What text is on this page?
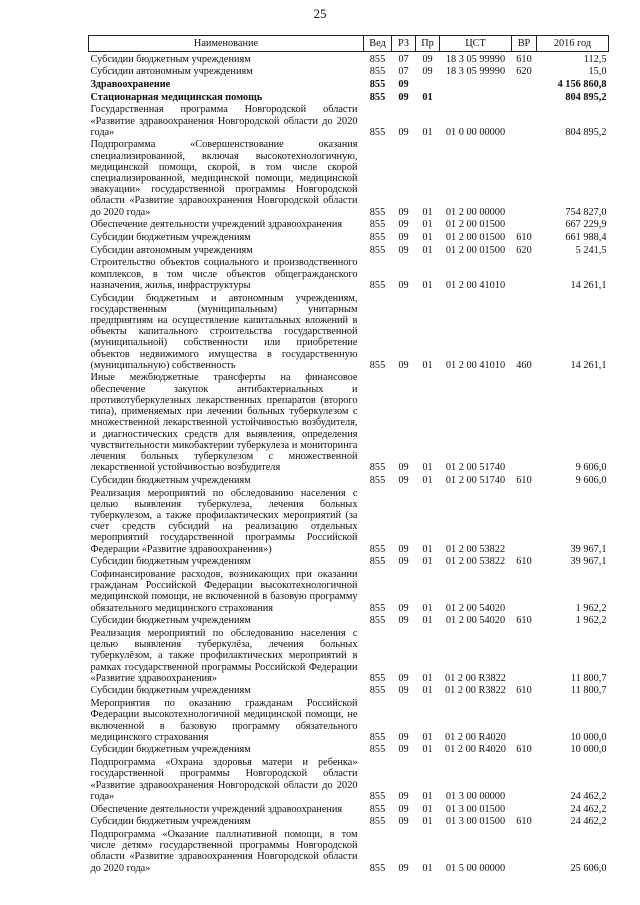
25
Наименование	Вед	РЗ	Пр	ЦСТ	ВР	2016 год
Субсидии бюджетным учреждениям	855	07	09	18 3 05 99990	610	112,5
Субсидии автономным учреждениям	855	07	09	18 3 05 99990	620	15,0
Здравоохранение	855	09				4 156 860,8
Стационарная медицинская помощь	855	09	01			804 895,2
Государственная программа Новгородской области «Развитие здравоохранения Новгородской области до 2020 года»	855	09	01	01 0 00 00000		804 895,2
Подпрограмма «Совершенствование оказания специализированной, включая высокотехнологичную, медицинской помощи, скорой, в том числе скорой специализированной, медицинской помощи, медицинской эвакуации» государственной программы Новгородской области «Развитие здравоохранения Новгородской области до 2020 года»	855	09	01	01 2 00 00000		754 827,0
Обеспечение деятельности учреждений здравоохранения	855	09	01	01 2 00 01500		667 229,9
Субсидии бюджетным учреждениям	855	09	01	01 2 00 01500	610	661 988,4
Субсидии автономным учреждениям	855	09	01	01 2 00 01500	620	5 241,5
Строительство объектов социального и производственного комплексов, в том числе объектов общегражданского назначения, жилья, инфраструктуры	855	09	01	01 2 00 41010		14 261,1
Субсидии бюджетным и автономным учреждениям, государственным (муниципальным) унитарным предприятиям на осуществление капитальных вложений в объекты капитального строительства государственной (муниципальной) собственности или приобретение объектов недвижимого имущества в государственную (муниципальную) собственность	855	09	01	01 2 00 41010	460	14 261,1
Иные межбюджетные трансферты на финансовое обеспечение закупок антибактериальных и противотуберкулезных лекарственных препаратов (второго типа), применяемых при лечении больных туберкулезом с множественной лекарственной устойчивостью возбудителя, и диагностических средств для выявления, определения чувствительности микобактерии туберкулеза и мониторинга лечения больных туберкулезом с множественной лекарственной устойчивостью возбудителя	855	09	01	01 2 00 51740		9 606,0
Субсидии бюджетным учреждениям	855	09	01	01 2 00 51740	610	9 606,0
Реализация мероприятий по обследованию населения с целью выявления туберкулеза, лечения больных туберкулезом, а также профилактических мероприятий (за счет средств субсидий на реализацию отдельных мероприятий государственной программы Российской Федерации «Развитие здравоохранения»)	855	09	01	01 2 00 53822		39 967,1
Субсидии бюджетным учреждениям	855	09	01	01 2 00 53822	610	39 967,1
Софинансирование расходов, возникающих при оказании гражданам Российской Федерации высокотехнологичной медицинской помощи, не включенной в базовую программу обязательного медицинского страхования	855	09	01	01 2 00 54020		1 962,2
Субсидии бюджетным учреждениям	855	09	01	01 2 00 54020	610	1 962,2
Реализация мероприятий по обследованию населения с целью выявления туберкулёза, лечения больных туберкулёзом, а также профилактических мероприятий в рамках государственной программы Российской Федерации «Развитие здравоохранения»	855	09	01	01 2 00 R3822		11 800,7
Субсидии бюджетным учреждениям	855	09	01	01 2 00 R3822	610	11 800,7
Мероприятия по оказанию гражданам Российской Федерации высокотехнологичной медицинской помощи, не включенной в базовую программу обязательного медицинского страхования	855	09	01	01 2 00 R4020		10 000,0
Субсидии бюджетным учреждениям	855	09	01	01 2 00 R4020	610	10 000,0
Подпрограмма «Охрана здоровья матери и ребенка» государственной программы Новгородской области «Развитие здравоохранения Новгородской области до 2020 года»	855	09	01	01 3 00 00000		24 462,2
Обеспечение деятельности учреждений здравоохранения	855	09	01	01 3 00 01500		24 462,2
Субсидии бюджетным учреждениям	855	09	01	01 3 00 01500	610	24 462,2
Подпрограмма «Оказание паллиативной помощи, в том числе детям» государственной программы Новгородской области «Развитие здравоохранения Новгородской области до 2020 года»	855	09	01	01 5 00 00000		25 606,0
